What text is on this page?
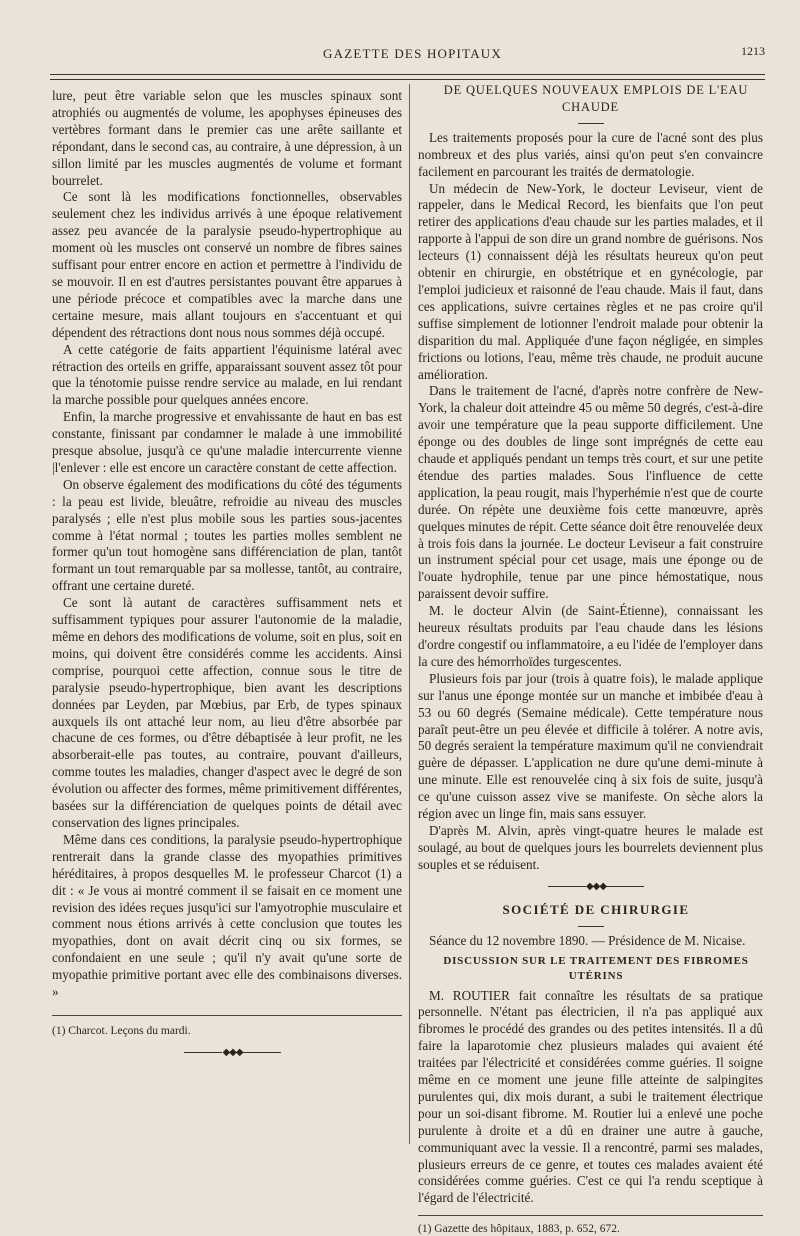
GAZETTE DES HOPITAUX	1213

lure, peut être variable selon que les muscles spinaux sont atrophiés ou augmentés de volume, les apophyses épineuses des vertèbres formant dans le premier cas une arête saillante et répondant, dans le second cas, au contraire, à une dépression, à un sillon limité par les muscles augmentés de volume et formant bourrelet.

Ce sont là les modifications fonctionnelles, observables seulement chez les individus arrivés à une époque relativement assez peu avancée de la paralysie pseudo-hypertrophique au moment où les muscles ont conservé un nombre de fibres saines suffisant pour entrer encore en action et permettre à l'individu de se mouvoir. Il en est d'autres persistantes pouvant être apparues à une période précoce et compatibles avec la marche dans une certaine mesure, mais allant toujours en s'accentuant et qui dépendent des rétractions dont nous nous sommes déjà occupé.

A cette catégorie de faits appartient l'équinisme latéral avec rétraction des orteils en griffe, apparaissant souvent assez tôt pour que la ténotomie puisse rendre service au malade, en lui rendant la marche possible pour quelques années encore.

Enfin, la marche progressive et envahissante de haut en bas est constante, finissant par condamner le malade à une immobilité presque absolue, jusqu'à ce qu'une maladie intercurrente vienne |l'enlever : elle est encore un caractère constant de cette affection.

On observe également des modifications du côté des téguments : la peau est livide, bleuâtre, refroidie au niveau des muscles paralysés ; elle n'est plus mobile sous les parties sous-jacentes comme à l'état normal ; toutes les parties molles semblent ne former qu'un tout homogène sans différenciation de plan, tantôt formant un tout remarquable par sa mollesse, tantôt, au contraire, offrant une certaine dureté.

Ce sont là autant de caractères suffisamment nets et suffisamment typiques pour assurer l'autonomie de la maladie, même en dehors des modifications de volume, soit en plus, soit en moins, qui doivent être considérés comme les accidents. Ainsi comprise, pourquoi cette affection, connue sous le titre de paralysie pseudo-hypertrophique, bien avant les descriptions données par Leyden, par Mœbius, par Erb, de types spinaux auxquels ils ont attaché leur nom, au lieu d'être absorbée par chacune de ces formes, ou d'être débaptisée à leur profit, ne les absorberait-elle pas toutes, au contraire, pouvant d'ailleurs, comme toutes les maladies, changer d'aspect avec le degré de son évolution ou affecter des formes, même primitivement différentes, basées sur la différenciation de quelques points de détail avec conservation des lignes principales.

Même dans ces conditions, la paralysie pseudo-hypertrophique rentrerait dans la grande classe des myopathies primitives héréditaires, à propos desquelles M. le professeur Charcot (1) a dit : « Je vous ai montré comment il se faisait en ce moment une revision des idées reçues jusqu'ici sur l'amyotrophie musculaire et comment nous étions arrivés à cette conclusion que toutes les myopathies, dont on avait décrit cinq ou six formes, se confondaient en une seule ; qu'il n'y avait qu'une sorte de myopathie primitive portant avec elle des combinaisons diverses. »

(1) Charcot. Leçons du mardi.

◆◆◆

DE QUELQUES NOUVEAUX EMPLOIS DE L'EAU CHAUDE

Les traitements proposés pour la cure de l'acné sont des plus nombreux et des plus variés, ainsi qu'on peut s'en convaincre facilement en parcourant les traités de dermatologie.

Un médecin de New-York, le docteur Leviseur, vient de rappeler, dans le Medical Record, les bienfaits que l'on peut retirer des applications d'eau chaude sur les parties malades, et il rapporte à l'appui de son dire un grand nombre de guérisons. Nos lecteurs (1) connaissent déjà les résultats heureux qu'on peut obtenir en chirurgie, en obstétrique et en gynécologie, par l'emploi judicieux et raisonné de l'eau chaude. Mais il faut, dans ces applications, suivre certaines règles et ne pas croire qu'il suffise simplement de lotionner l'endroit malade pour obtenir la disparition du mal. Appliquée d'une façon négligée, en simples frictions ou lotions, l'eau, même très chaude, ne produit aucune amélioration.

Dans le traitement de l'acné, d'après notre confrère de New-York, la chaleur doit atteindre 45 ou même 50 degrés, c'est-à-dire avoir une température que la peau supporte difficilement. Une éponge ou des doubles de linge sont imprégnés de cette eau chaude et appliqués pendant un temps très court, et sur une petite étendue des parties malades. Sous l'influence de cette application, la peau rougit, mais l'hyperhémie n'est que de courte durée. On répète une deuxième fois cette manœuvre, après quelques minutes de répit. Cette séance doit être renouvelée deux à trois fois dans la journée. Le docteur Leviseur a fait construire un instrument spécial pour cet usage, mais une éponge ou de l'ouate hydrophile, tenue par une pince hémostatique, nous paraissent devoir suffire.

M. le docteur Alvin (de Saint-Étienne), connaissant les heureux résultats produits par l'eau chaude dans les lésions d'ordre congestif ou inflammatoire, a eu l'idée de l'employer dans la cure des hémorrhoïdes turgescentes.

Plusieurs fois par jour (trois à quatre fois), le malade applique sur l'anus une éponge montée sur un manche et imbibée d'eau à 53 ou 60 degrés (Semaine médicale). Cette température nous paraît peut-être un peu élevée et difficile à tolérer. A notre avis, 50 degrés seraient la température maximum qu'il ne conviendrait guère de dépasser. L'application ne dure qu'une demi-minute à une minute. Elle est renouvelée cinq à six fois de suite, jusqu'à ce qu'une cuisson assez vive se manifeste. On sèche alors la région avec un linge fin, mais sans essuyer.

D'après M. Alvin, après vingt-quatre heures le malade est soulagé, au bout de quelques jours les bourrelets deviennent plus souples et se réduisent.

◆◆◆

SOCIÉTÉ DE CHIRURGIE

Séance du 12 novembre 1890. — Présidence de M. Nicaise.

DISCUSSION SUR LE TRAITEMENT DES FIBROMES

UTÉRINS

M. ROUTIER fait connaître les résultats de sa pratique personnelle. N'étant pas électricien, il n'a pas appliqué aux fibromes le procédé des grandes ou des petites intensités. Il a dû faire la laparotomie chez plusieurs malades qui avaient été traitées par l'électricité et considérées comme guéries. Il soigne même en ce moment une jeune fille atteinte de salpingites purulentes qui, dix mois durant, a subi le traitement électrique pour un soi-disant fibrome. M. Routier lui a enlevé une poche purulente à droite et a dû en drainer une autre à gauche, communiquant avec la vessie. Il a rencontré, parmi ses malades, plusieurs erreurs de ce genre, et toutes ces malades avaient été considérées comme guéries. C'est ce qui l'a rendu sceptique à l'égard de l'électricité.

(1) Gazette des hôpitaux, 1883, p. 652, 672.
